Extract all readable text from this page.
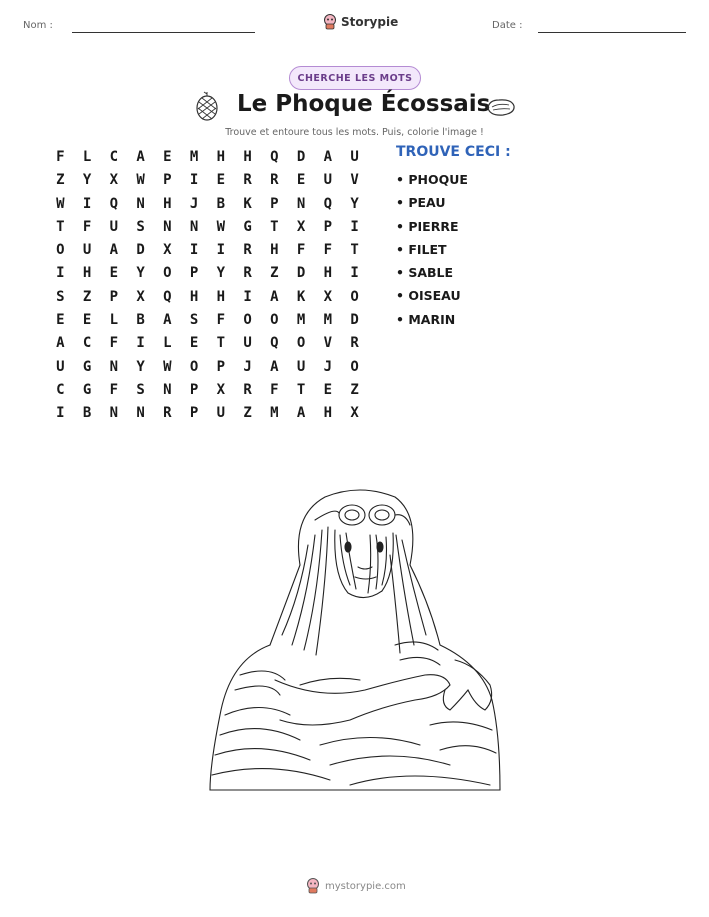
Nom :	Storypie	Date :
CHERCHE LES MOTS
Le Phoque Écossais
Trouve et entoure tous les mots. Puis, colorie l'image !
F	L	C	A	E	M	H	H	Q	D	A	U
Z	Y	X	W	P	I	E	R	R	E	U	V
W	I	Q	N	H	J	B	K	P	N	Q	Y
T	F	U	S	N	N	W	G	T	X	P	I
O	U	A	D	X	I	I	R	H	F	F	T
I	H	E	Y	O	P	Y	R	Z	D	H	I
S	Z	P	X	Q	H	H	I	A	K	X	O
E	E	L	B	A	S	F	O	O	M	M	D
A	C	F	I	L	E	T	U	Q	O	V	R
U	G	N	Y	W	O	P	J	A	U	J	O
C	G	F	S	N	P	X	R	F	T	E	Z
I	B	N	N	R	P	U	Z	M	A	H	X
TROUVE CECI :
• PHOQUE
• PEAU
• PIERRE
• FILET
• SABLE
• OISEAU
• MARIN
mystorypie.com
